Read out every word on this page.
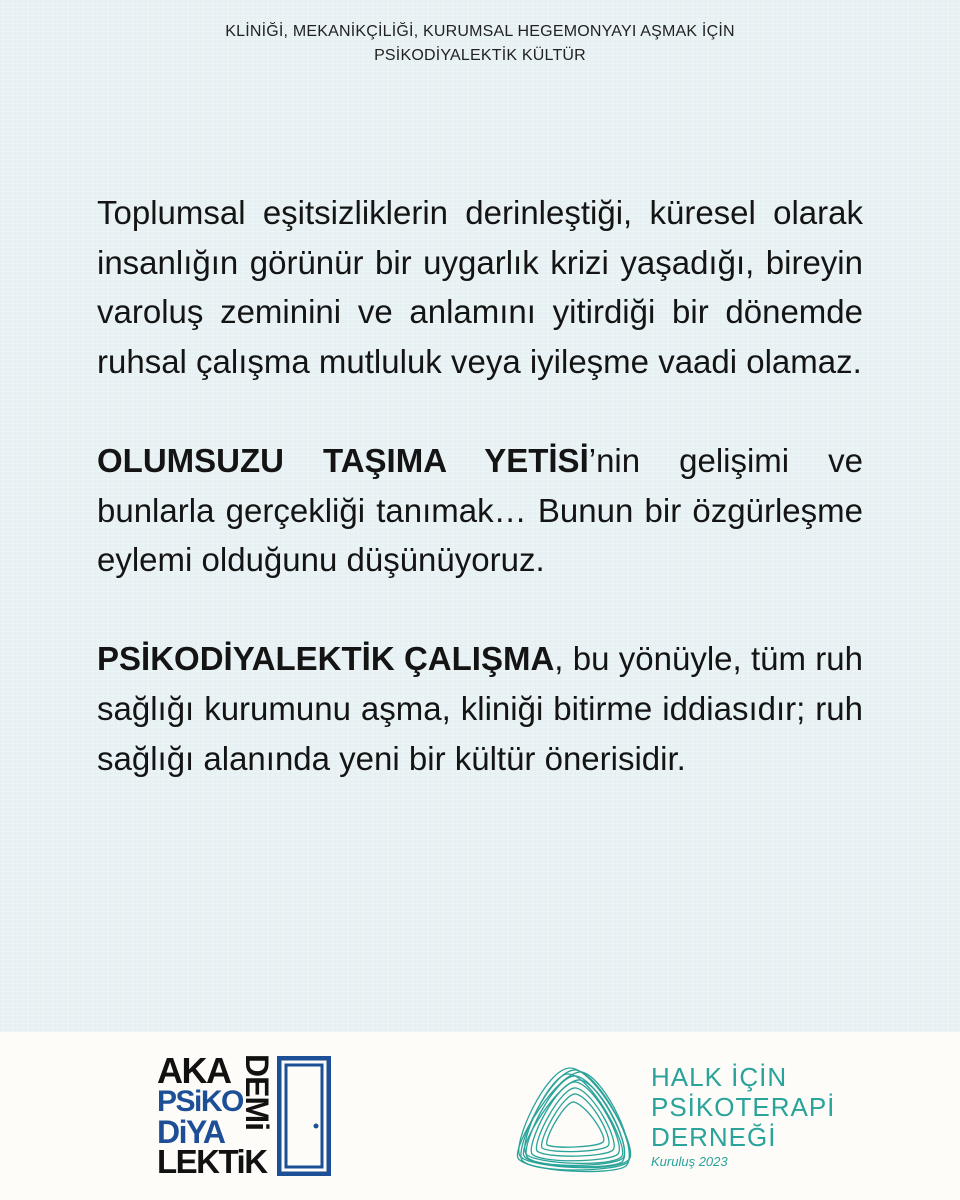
KLİNİĞİ, MEKANİKÇİLİĞİ, KURUMSAL HEGEMONYAYI AŞMAK İÇİN
PSİKODİYALEKTİK KÜLTÜR

Toplumsal eşitsizliklerin derinleştiği, küresel olarak insanlığın görünür bir uygarlık krizi yaşadığı, bireyin varoluş zeminini ve anlamını yitirdiği bir dönemde ruhsal çalışma mutluluk veya iyileşme vaadi olamaz.

OLUMSUZU TAŞIMA YETİSİ’nin gelişimi ve bunlarla gerçekliği tanımak… Bunun bir özgürleşme eylemi olduğunu düşünüyoruz.

PSİKODİYALEKTİK ÇALIŞMA, bu yönüyle, tüm ruh sağlığı kurumunu aşma, kliniği bitirme iddiasıdır; ruh sağlığı alanında yeni bir kültür önerisidir.

AKA
PSiKO
DiYA
LEKTiK
DEMi	HALK İÇİN
PSİKOTERAPİ
DERNEĞİ
Kuruluş 2023
